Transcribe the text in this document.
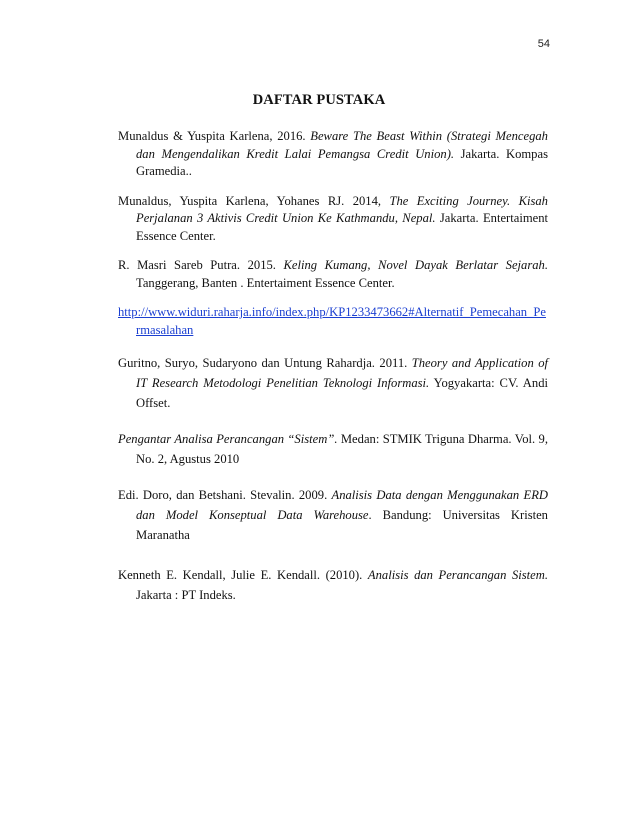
54
DAFTAR PUSTAKA

Munaldus & Yuspita Karlena, 2016. Beware The Beast Within (Strategi Mencegah dan Mengendalikan Kredit Lalai Pemangsa Credit Union). Jakarta. Kompas Gramedia..

Munaldus, Yuspita Karlena, Yohanes RJ. 2014, The Exciting Journey. Kisah Perjalanan 3 Aktivis Credit Union Ke Kathmandu, Nepal. Jakarta. Entertaiment Essence Center.

R. Masri Sareb Putra. 2015. Keling Kumang, Novel Dayak Berlatar Sejarah. Tanggerang, Banten . Entertaiment Essence Center.

http://www.widuri.raharja.info/index.php/KP1233473662#Alternatif_Pemecahan_Permasalahan

Guritno, Suryo, Sudaryono dan Untung Rahardja. 2011. Theory and Application of IT Research Metodologi Penelitian Teknologi Informasi. Yogyakarta: CV. Andi Offset.

Pengantar Analisa Perancangan “Sistem”. Medan: STMIK Triguna Dharma. Vol. 9, No. 2, Agustus 2010

Edi. Doro, dan Betshani. Stevalin. 2009. Analisis Data dengan Menggunakan ERD dan Model Konseptual Data Warehouse. Bandung: Universitas Kristen Maranatha

Kenneth E. Kendall, Julie E. Kendall. (2010). Analisis dan Perancangan Sistem. Jakarta : PT Indeks.
